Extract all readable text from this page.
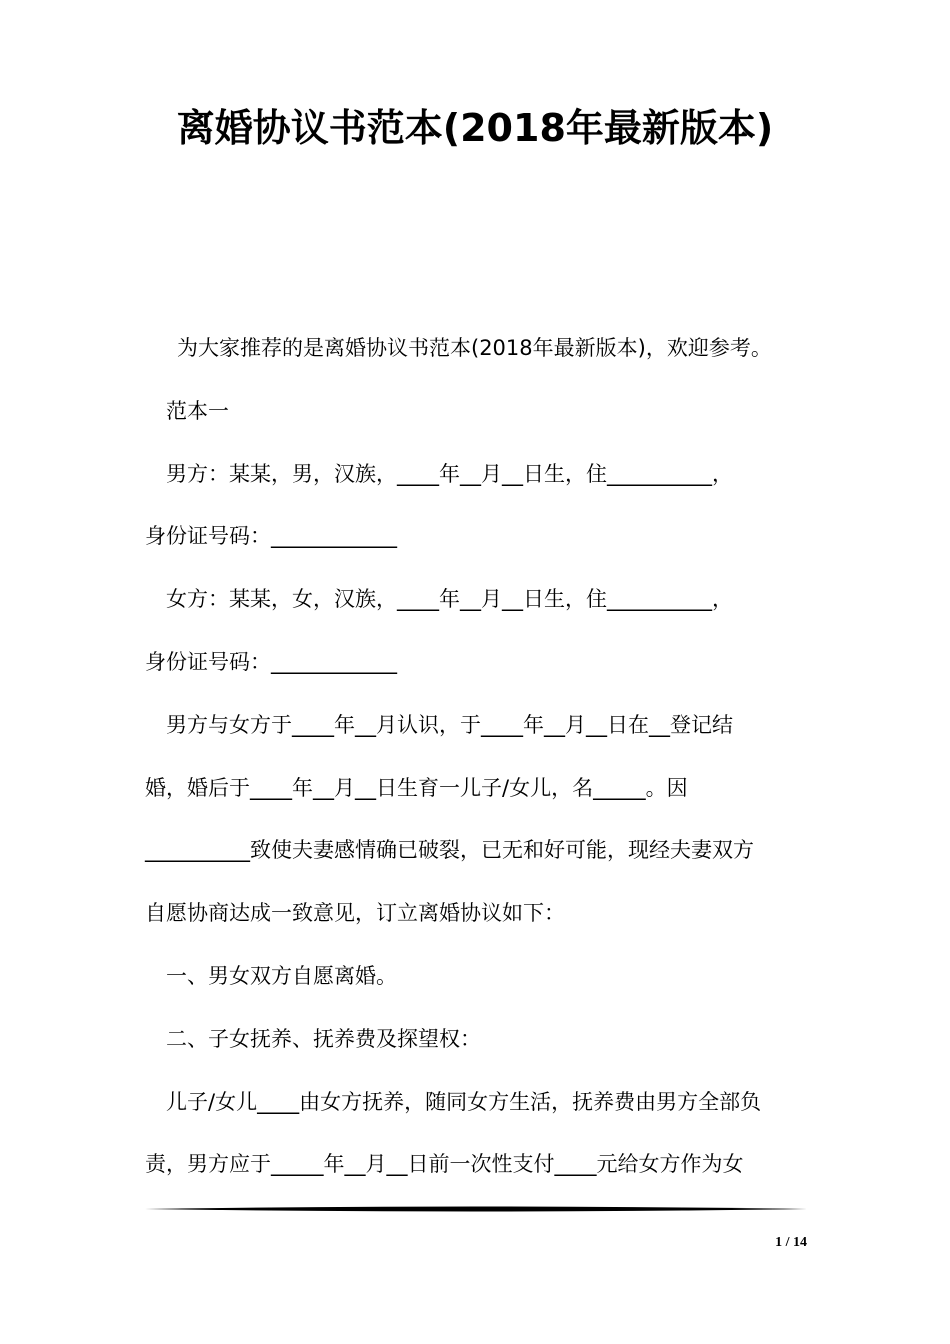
离婚协议书范本(2018年最新版本)

为大家推荐的是离婚协议书范本(2018年最新版本)，欢迎参考。

范本一

男方：某某，男，汉族，____年__月__日生，住__________，

身份证号码：____________

女方：某某，女，汉族，____年__月__日生，住__________，

身份证号码：____________

男方与女方于____年__月认识，于____年__月__日在__登记结

婚，婚后于____年__月__日生育一儿子/女儿，名_____。因

__________致使夫妻感情确已破裂，已无和好可能，现经夫妻双方

自愿协商达成一致意见，订立离婚协议如下：

一、男女双方自愿离婚。

二、子女抚养、抚养费及探望权：

儿子/女儿____由女方抚养，随同女方生活，抚养费由男方全部负

责，男方应于_____年__月__日前一次性支付____元给女方作为女

1 / 14
